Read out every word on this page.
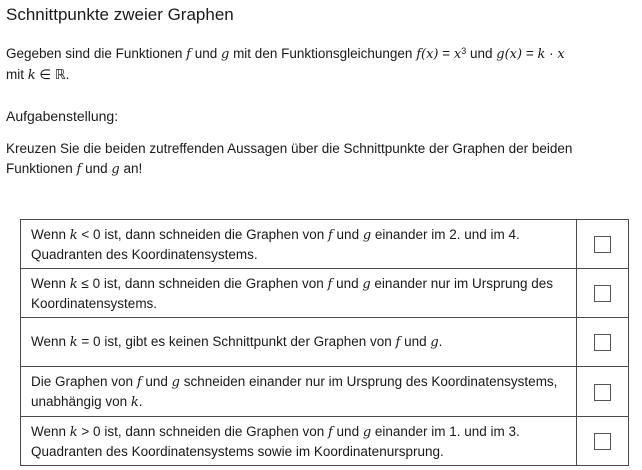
Schnittpunkte zweier Graphen
Gegeben sind die Funktionen f und g mit den Funktionsgleichungen $f(x) = x^3$ und g(x) = k · x
mit k ∈ ℝ.
Aufgabenstellung:
Kreuzen Sie die beiden zutreffenden Aussagen über die Schnittpunkte der Graphen der beiden Funktionen f und g an!
Wenn k < 0 ist, dann schneiden die Graphen von f und g einander im 2. und im 4. Quadranten des Koordinatensystems.	
Wenn k ≤ 0 ist, dann schneiden die Graphen von f und g einander nur im Ursprung des Koordinatensystems.	
Wenn k = 0 ist, gibt es keinen Schnittpunkt der Graphen von f und g.	
Die Graphen von f und g schneiden einander nur im Ursprung des Koordinatensystems, unabhängig von k.	
Wenn k > 0 ist, dann schneiden die Graphen von f und g einander im 1. und im 3. Quadranten des Koordinatensystems sowie im Koordinatenursprung.	
